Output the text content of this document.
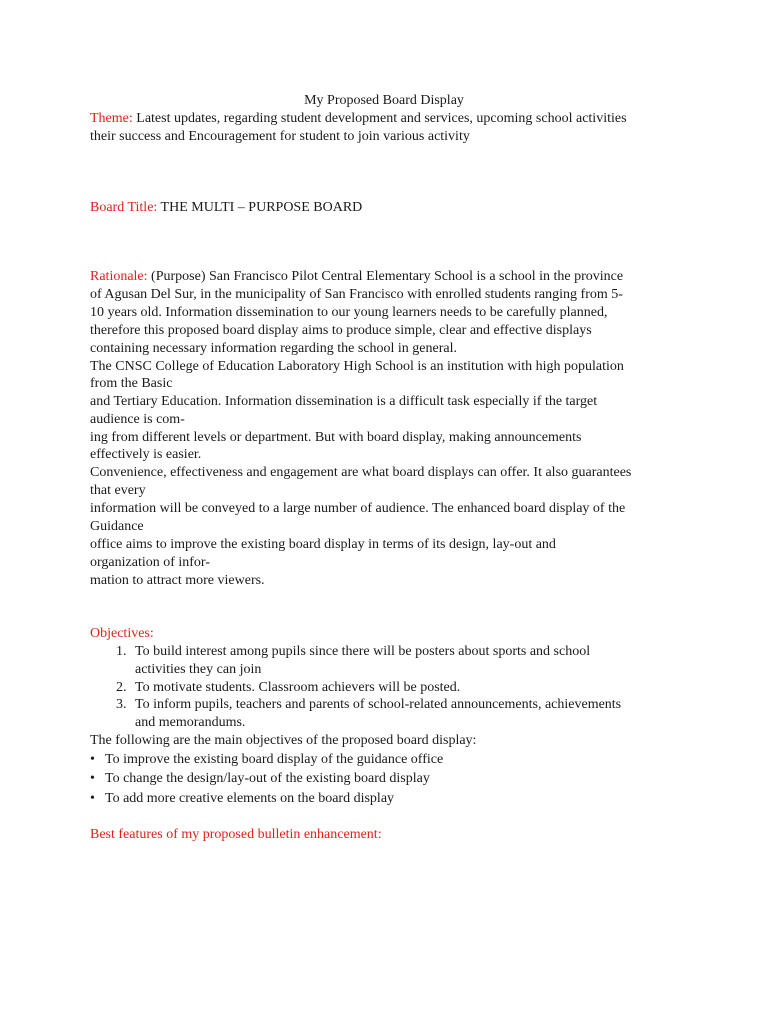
My Proposed Board Display
Theme: Latest updates, regarding student development and services, upcoming school activities
their success and Encouragement for student to join various activity
Board Title: THE MULTI – PURPOSE BOARD
Rationale: (Purpose) San Francisco Pilot Central Elementary School is a school in the province
of Agusan Del Sur, in the municipality of San Francisco with enrolled students ranging from 5-
10 years old. Information dissemination to our young learners needs to be carefully planned,
therefore this proposed board display aims to produce simple, clear and effective displays
containing necessary information regarding the school in general.
The CNSC College of Education Laboratory High School is an institution with high population
from the Basic
and Tertiary Education. Information dissemination is a difficult task especially if the target
audience is com-
ing from different levels or department. But with board display, making announcements
effectively is easier.
Convenience, effectiveness and engagement are what board displays can offer. It also guarantees
that every
information will be conveyed to a large number of audience. The enhanced board display of the
Guidance
office aims to improve the existing board display in terms of its design, lay-out and
organization of infor-
mation to attract more viewers.
Objectives:
1. To build interest among pupils since there will be posters about sports and school
activities they can join
2. To motivate students. Classroom achievers will be posted.
3. To inform pupils, teachers and parents of school-related announcements, achievements
and memorandums.
The following are the main objectives of the proposed board display:
• To improve the existing board display of the guidance office
• To change the design/lay-out of the existing board display
• To add more creative elements on the board display
Best features of my proposed bulletin enhancement:
